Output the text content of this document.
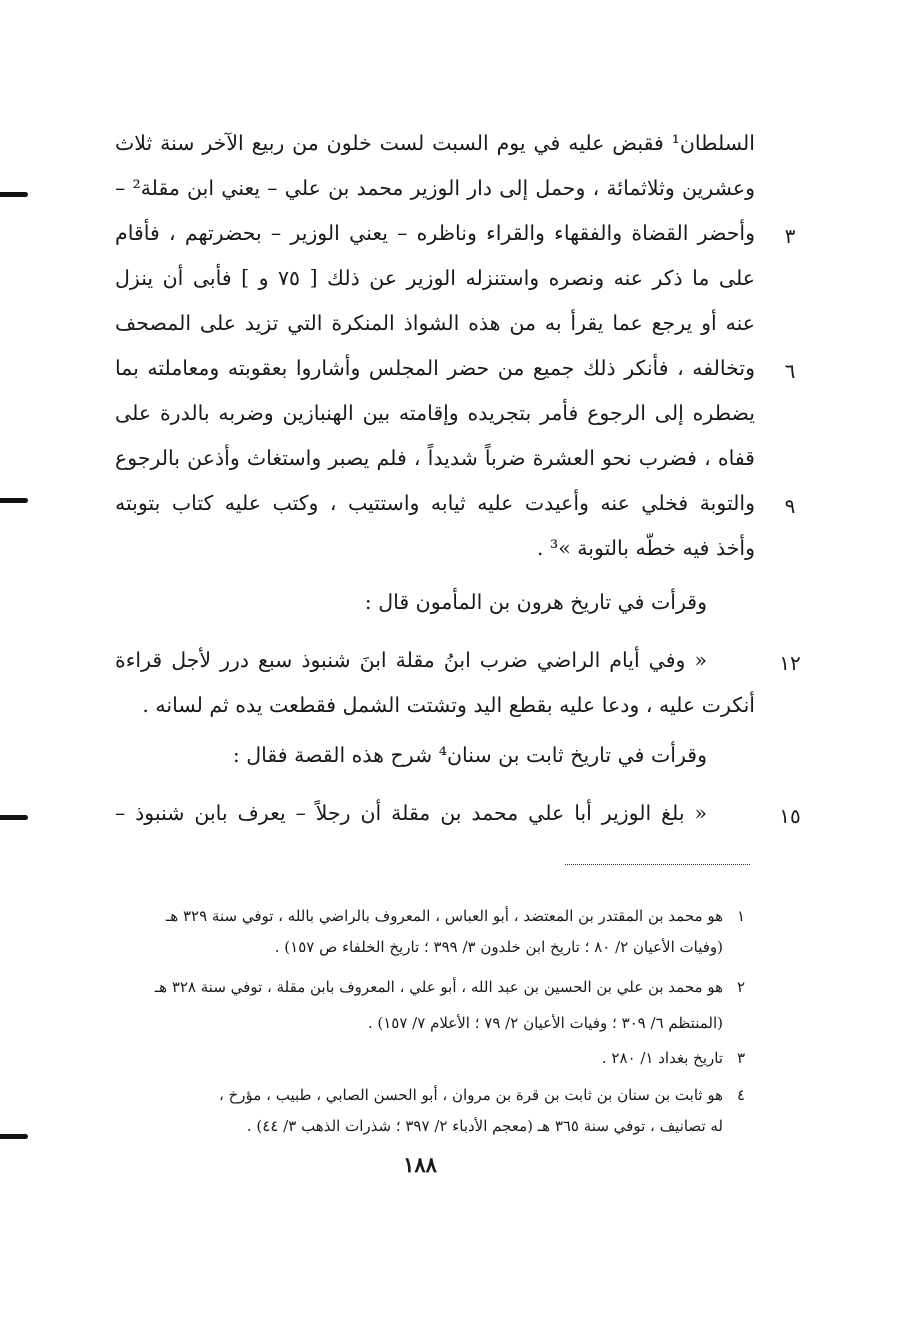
السلطان¹ فقبض عليه في يوم السبت لست خلون من ربيع الآخر سنة ثلاث
وعشرين وثلاثمائة ، وحمل إلى دار الوزير محمد بن علي – يعني ابن مقلة² –
وأحضر القضاة والفقهاء والقراء وناظره – يعني الوزير – بحضرتهم ، فأقام
على ما ذكر عنه ونصره واستنزله الوزير عن ذلك [ ٧٥ و ] فأبى أن ينزل
عنه أو يرجع عما يقرأ به من هذه الشواذ المنكرة التي تزيد على المصحف
وتخالفه ، فأنكر ذلك جميع من حضر المجلس وأشاروا بعقوبته ومعاملته بما
يضطره إلى الرجوع فأمر بتجريده وإقامته بين الهنبازين وضربه بالدرة على
قفاه ، فضرب نحو العشرة ضرباً شديداً ، فلم يصبر واستغاث وأذعن بالرجوع
والتوبة فخلي عنه وأعيدت عليه ثيابه واستتيب ، وكتب عليه كتاب بتوبته
وأخذ فيه خطّه بالتوبة »³ .
وقرأت في تاريخ هرون بن المأمون قال :
« وفي أيام الراضي ضرب ابنُ مقلة ابنَ شنبوذ سبع درر لأجل قراءة
أنكرت عليه ، ودعا عليه بقطع اليد وتشتت الشمل فقطعت يده ثم لسانه .
وقرأت في تاريخ ثابت بن سنان⁴ شرح هذه القصة فقال :
« بلغ الوزير أبا علي محمد بن مقلة أن رجلاً – يعرف بابن شنبوذ –
٣
٦
٩
١٢
١٥
١هو محمد بن المقتدر بن المعتضد ، أبو العباس ، المعروف بالراضي بالله ، توفي سنة ٣٢٩ هـ
(وفيات الأعيان ٢/ ٨٠ ؛ تاريخ ابن خلدون ٣/ ٣٩٩ ؛ تاريخ الخلفاء ص ١٥٧) .
٢هو محمد بن علي بن الحسين بن عبد الله ، أبو علي ، المعروف بابن مقلة ، توفي سنة ٣٢٨ هـ
(المنتظم ٦/ ٣٠٩ ؛ وفيات الأعيان ٢/ ٧٩ ؛ الأعلام ٧/ ١٥٧) .
٣تاريخ بغداد ١/ ٢٨٠ .
٤هو ثابت بن سنان بن ثابت بن قرة بن مروان ، أبو الحسن الصابي ، طبيب ، مؤرخ ،
له تصانيف ، توفي سنة ٣٦٥ هـ (معجم الأدباء ٢/ ٣٩٧ ؛ شذرات الذهب ٣/ ٤٤) .
١٨٨
